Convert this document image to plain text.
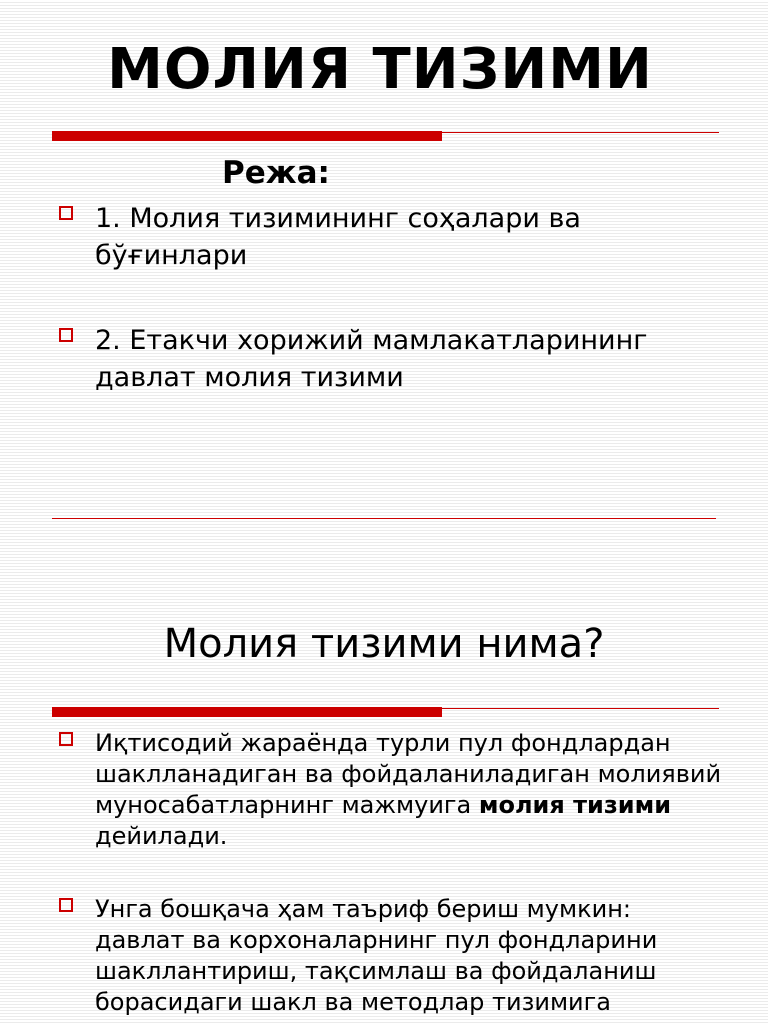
МОЛИЯ ТИЗИМИ
Режа:
1. Молия тизимининг соҳалари ва бўғинлари
2. Етакчи хорижий мамлакатларининг давлат молия тизими
Молия тизими нима?
Иқтисодий жараёнда турли пул фондлардан шаклланадиган ва фойдаланиладиган молиявий муносабатларнинг мажмуига молия тизими дейилади.
Унга бошқача ҳам таъриф бериш мумкин: давлат ва корхоналарнинг пул фондларини шакллантириш, тақсимлаш ва фойдаланиш борасидаги шакл ва методлар тизимига
